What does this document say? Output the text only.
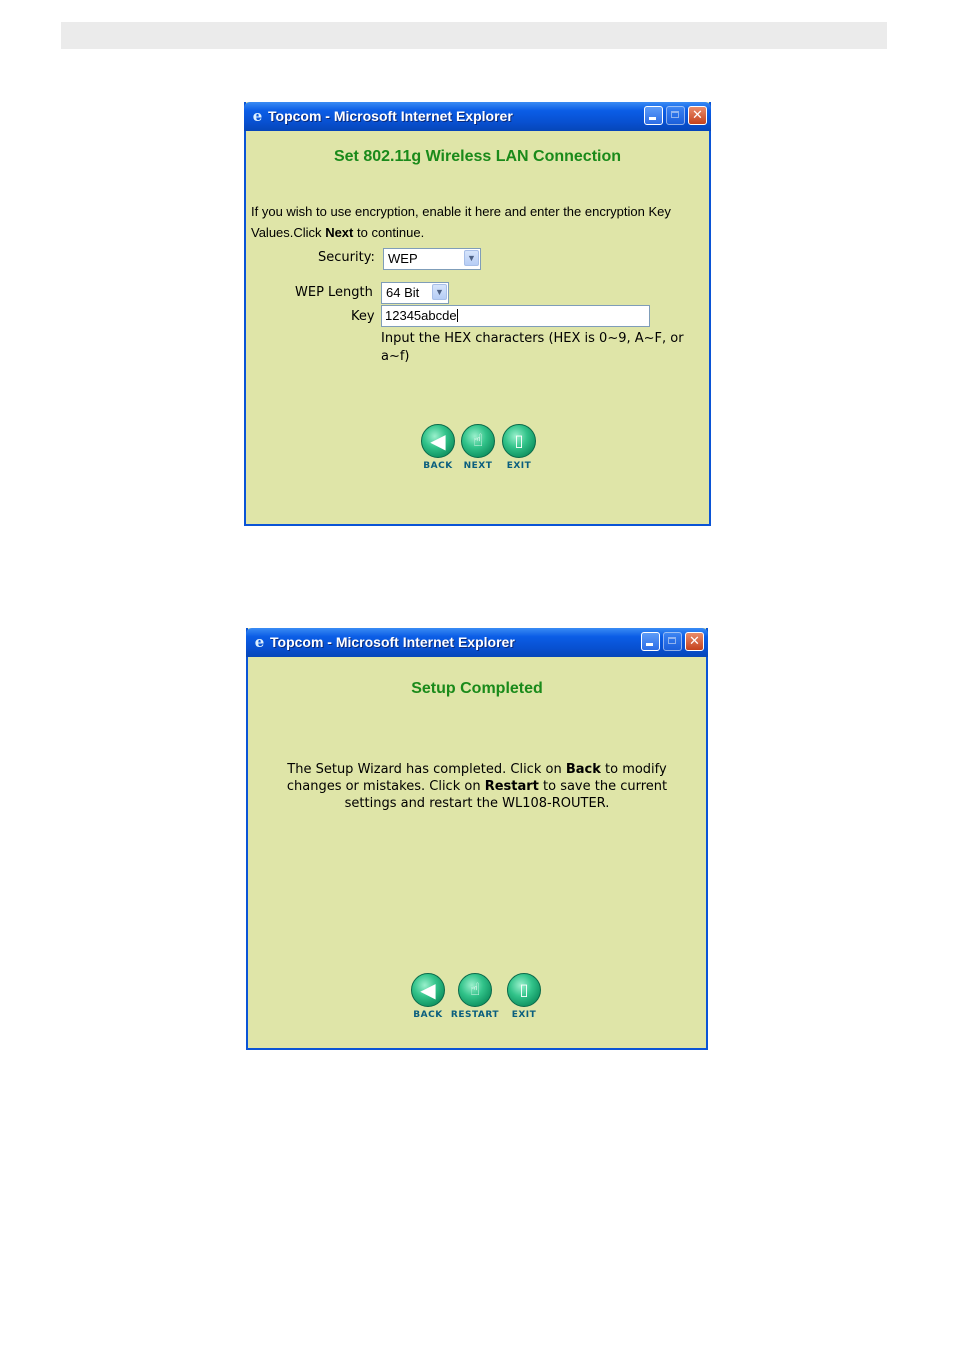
e Topcom - Microsoft Internet Explorer	✕
Set 802.11g Wireless LAN Connection
If you wish to use encryption, enable it here and enter the encryption Key Values.Click Next to continue.
Security: WEP	▼
WEP Length 64 Bit	▼
Key 12345abcde
Input the HEX characters (HEX is 0~9, A~F, or a~f)
◀
BACK
☝
NEXT
▯
EXIT
e Topcom - Microsoft Internet Explorer	✕
Setup Completed
The Setup Wizard has completed. Click on Back to modify changes or mistakes. Click on Restart to save the current settings and restart the WL108-ROUTER.
◀
BACK
☝
RESTART
▯
EXIT
